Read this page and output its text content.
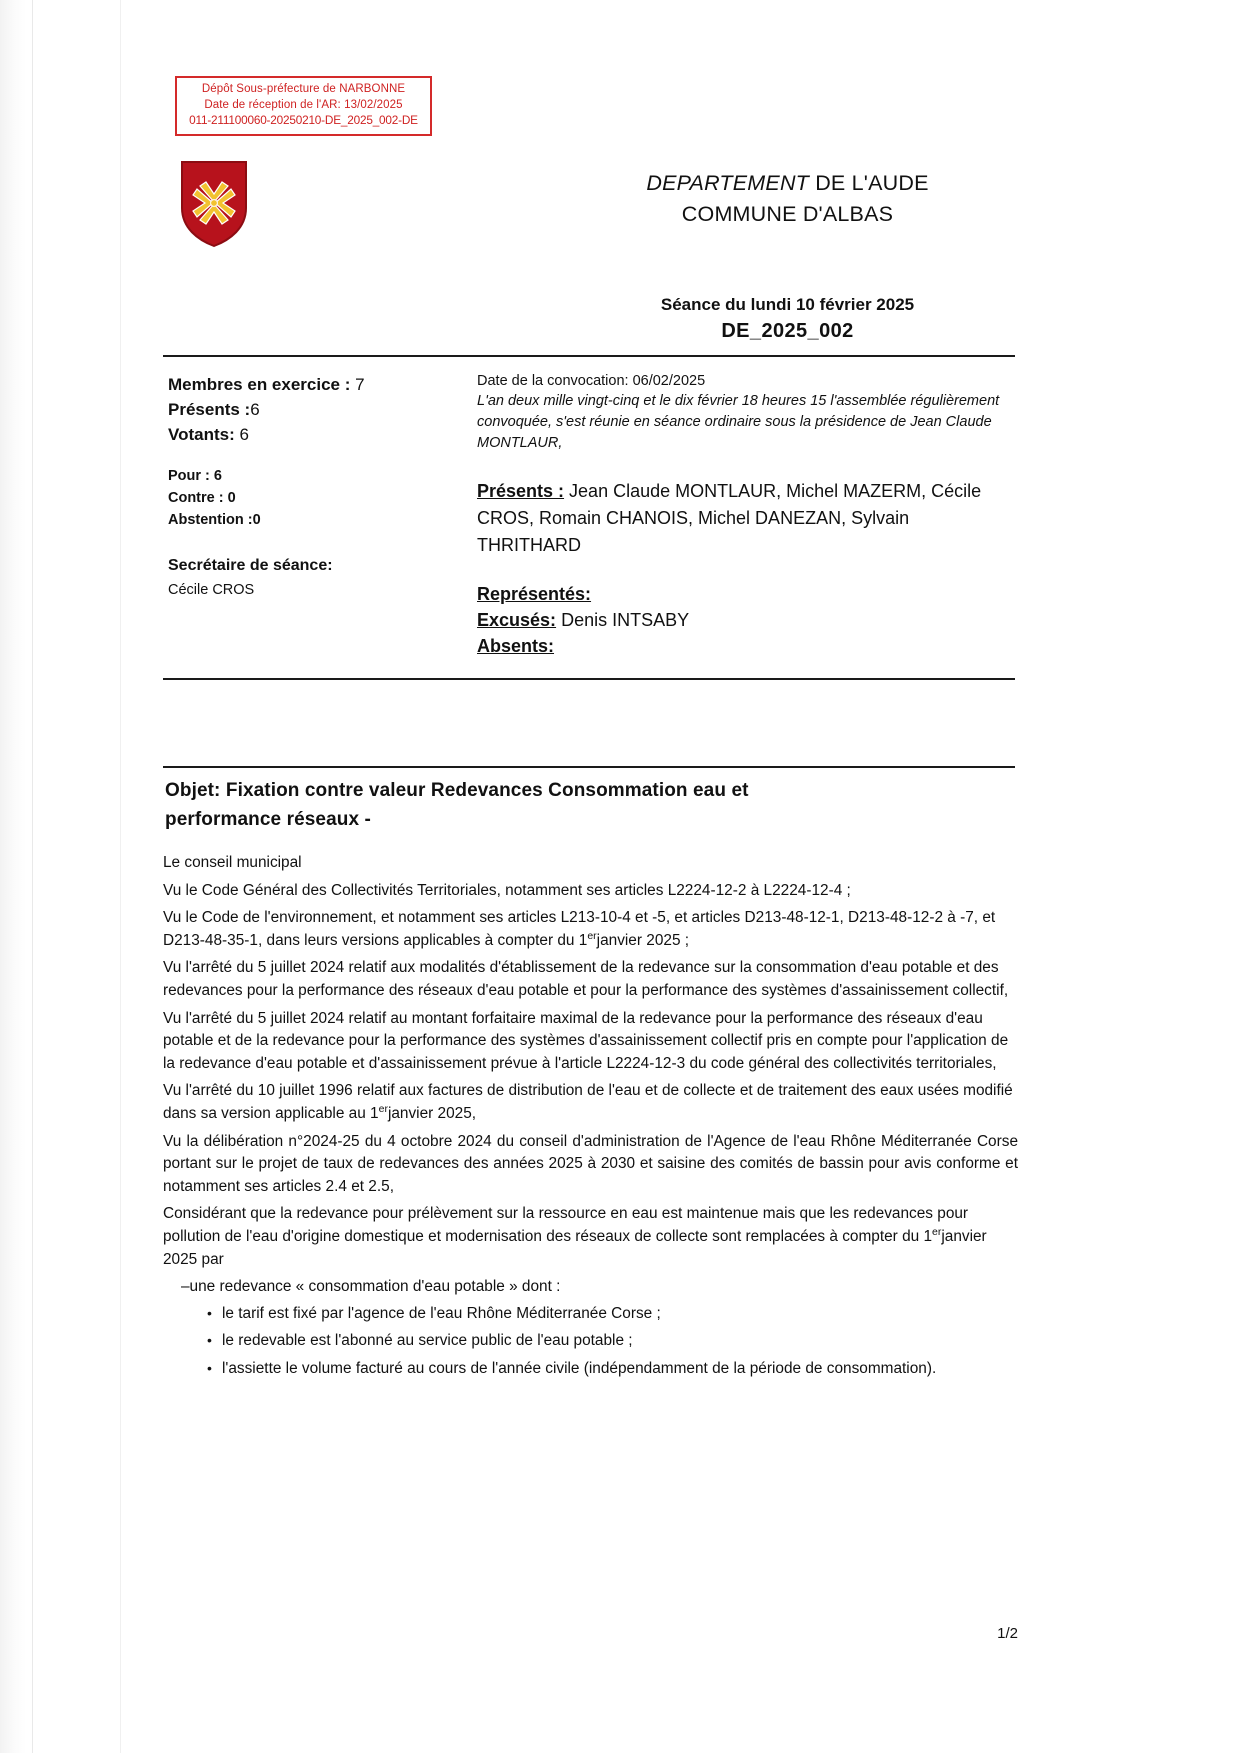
Dépôt Sous-préfecture de NARBONNE
Date de réception de l'AR: 13/02/2025
011-211100060-20250210-DE_2025_002-DE
DEPARTEMENT DE L'AUDE
COMMUNE D'ALBAS
Séance du lundi 10 février 2025
DE_2025_002
Membres en exercice : 7
Présents :6
Votants: 6
Pour : 6
Contre : 0
Abstention :0
Secrétaire de séance:
Cécile CROS
Date de la convocation: 06/02/2025
L'an deux mille vingt-cinq et le dix février 18 heures 15 l'assemblée régulièrement convoquée, s'est réunie en séance ordinaire sous la présidence de Jean Claude MONTLAUR,
Présents : Jean Claude MONTLAUR, Michel MAZERM, Cécile CROS, Romain CHANOIS, Michel DANEZAN, Sylvain THRITHARD
Représentés:
Excusés: Denis INTSABY
Absents:
Objet: Fixation contre valeur Redevances Consommation eau et performance réseaux -

Le conseil municipal

Vu le Code Général des Collectivités Territoriales, notamment ses articles L2224-12-2 à L2224-12-4 ;

Vu le Code de l'environnement, et notamment ses articles L213-10-4 et -5, et articles D213-48-12-1, D213-48-12-2 à -7, et D213-48-35-1, dans leurs versions applicables à compter du 1erjanvier 2025 ;

Vu l'arrêté du 5 juillet 2024 relatif aux modalités d'établissement de la redevance sur la consommation d'eau potable et des redevances pour la performance des réseaux d'eau potable et pour la performance des systèmes d'assainissement collectif,

Vu l'arrêté du 5 juillet 2024 relatif au montant forfaitaire maximal de la redevance pour la performance des réseaux d'eau potable et de la redevance pour la performance des systèmes d'assainissement collectif pris en compte pour l'application de la redevance d'eau potable et d'assainissement prévue à l'article L2224-12-3 du code général des collectivités territoriales,

Vu l'arrêté du 10 juillet 1996 relatif aux factures de distribution de l'eau et de collecte et de traitement des eaux usées modifié dans sa version applicable au 1erjanvier 2025,

Vu la délibération n°2024-25 du 4 octobre 2024 du conseil d'administration de l'Agence de l'eau Rhône Méditerranée Corse portant sur le projet de taux de redevances des années 2025 à 2030 et saisine des comités de bassin pour avis conforme et notamment ses articles 2.4 et 2.5,

Considérant que la redevance pour prélèvement sur la ressource en eau est maintenue mais que les redevances pour pollution de l'eau d'origine domestique et modernisation des réseaux de collecte sont remplacées à compter du 1erjanvier 2025 par

–une redevance « consommation d'eau potable » dont :
• le tarif est fixé par l'agence de l'eau Rhône Méditerranée Corse ;
• le redevable est l'abonné au service public de l'eau potable ;
• l'assiette le volume facturé au cours de l'année civile (indépendamment de la période de consommation).
1/2
